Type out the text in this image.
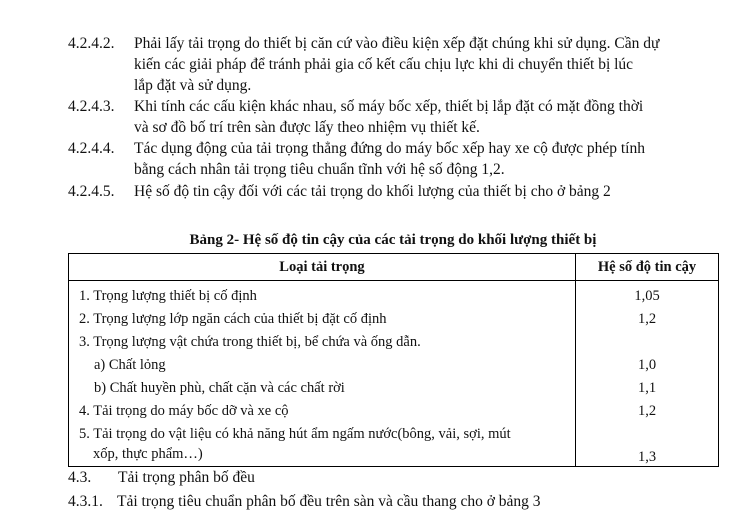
4.2.4.2. Phải lấy tải trọng do thiết bị căn cứ vào điều kiện xếp đặt chúng khi sử dụng. Cần dự
kiến các giải pháp để tránh phải gia cố kết cấu chịu lực khi di chuyển thiết bị lúc
lắp đặt và sử dụng.
4.2.4.3. Khi tính các cấu kiện khác nhau, số máy bốc xếp, thiết bị lắp đặt có mặt đồng thời
và sơ đồ bố trí trên sàn được lấy theo nhiệm vụ thiết kế.
4.2.4.4. Tác dụng động của tải trọng thẳng đứng do máy bốc xếp hay xe cộ được phép tính
bằng cách nhân tải trọng tiêu chuẩn tĩnh với hệ số động 1,2.
4.2.4.5. Hệ số độ tin cậy đối với các tải trọng do khối lượng của thiết bị cho ở bảng 2
Bảng 2- Hệ số độ tin cậy của các tải trọng do khối lượng thiết bị
Loại tải trọng	Hệ số độ tin cậy
1. Trọng lượng thiết bị cố định	1,05
2. Trọng lượng lớp ngăn cách của thiết bị đặt cố định	1,2
3. Trọng lượng vật chứa trong thiết bị, bể chứa và ống dẫn.	
a) Chất lỏng	1,0
b) Chất huyền phù, chất cặn và các chất rời	1,1
4. Tải trọng do máy bốc dỡ và xe cộ	1,2
5. Tải trọng do vật liệu có khả năng hút ẩm ngấm nước(bông, vải, sợi, mút
xốp, thực phẩm…)	1,3
4.3. Tải trọng phân bố đều
4.3.1. Tải trọng tiêu chuẩn phân bố đều trên sàn và cầu thang cho ở bảng 3
